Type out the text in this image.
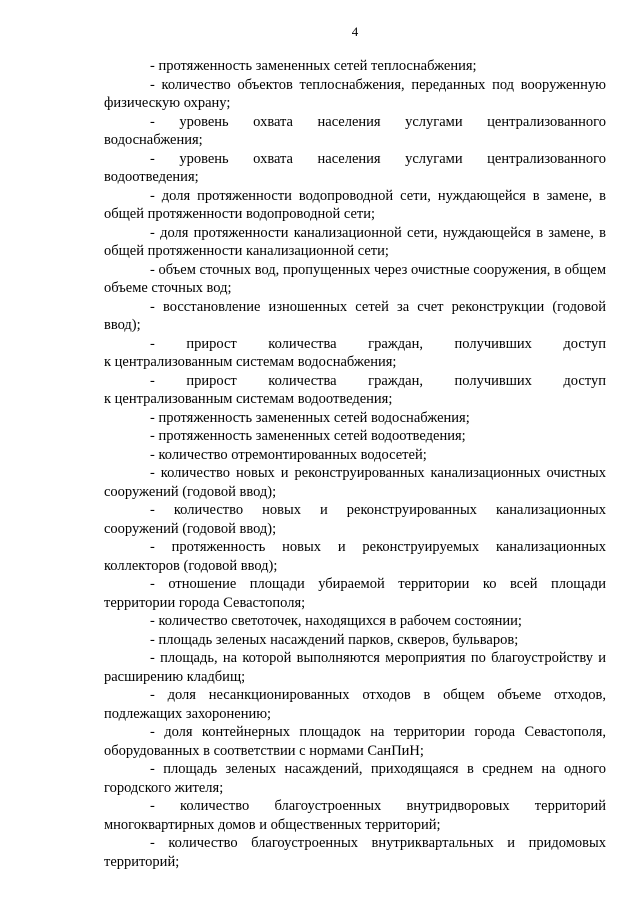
4

- протяженность замененных сетей теплоснабжения;

- количество объектов теплоснабжения, переданных под вооруженную физическую охрану;

- уровень охвата населения услугами централизованного
водоснабжения;

- уровень охвата населения услугами централизованного
водоотведения;

- доля протяженности водопроводной сети, нуждающейся в замене, в общей протяженности водопроводной сети;

- доля протяженности канализационной сети, нуждающейся в замене, в общей протяженности канализационной сети;

- объем сточных вод, пропущенных через очистные сооружения, в общем объеме сточных вод;

- восстановление изношенных сетей за счет реконструкции (годовой ввод);

- прирост количества граждан, получивших доступ
к централизованным системам водоснабжения;

- прирост количества граждан, получивших доступ
к централизованным системам водоотведения;

- протяженность замененных сетей водоснабжения;

- протяженность замененных сетей водоотведения;

- количество отремонтированных водосетей;

- количество новых и реконструированных канализационных очистных сооружений (годовой ввод);

- количество новых и реконструированных канализационных
сооружений (годовой ввод);

- протяженность новых и реконструируемых канализационных
коллекторов (годовой ввод);

- отношение площади убираемой территории ко всей площади территории города Севастополя;

- количество светоточек, находящихся в рабочем состоянии;

- площадь зеленых насаждений парков, скверов, бульваров;

- площадь, на которой выполняются мероприятия по благоустройству и расширению кладбищ;

- доля несанкционированных отходов в общем объеме отходов, подлежащих захоронению;

- доля контейнерных площадок на территории города Севастополя, оборудованных в соответствии с нормами СанПиН;

- площадь зеленых насаждений, приходящаяся в среднем на одного городского жителя;

- количество благоустроенных внутридворовых территорий
многоквартирных домов и общественных территорий;

- количество благоустроенных внутриквартальных и придомовых территорий;
